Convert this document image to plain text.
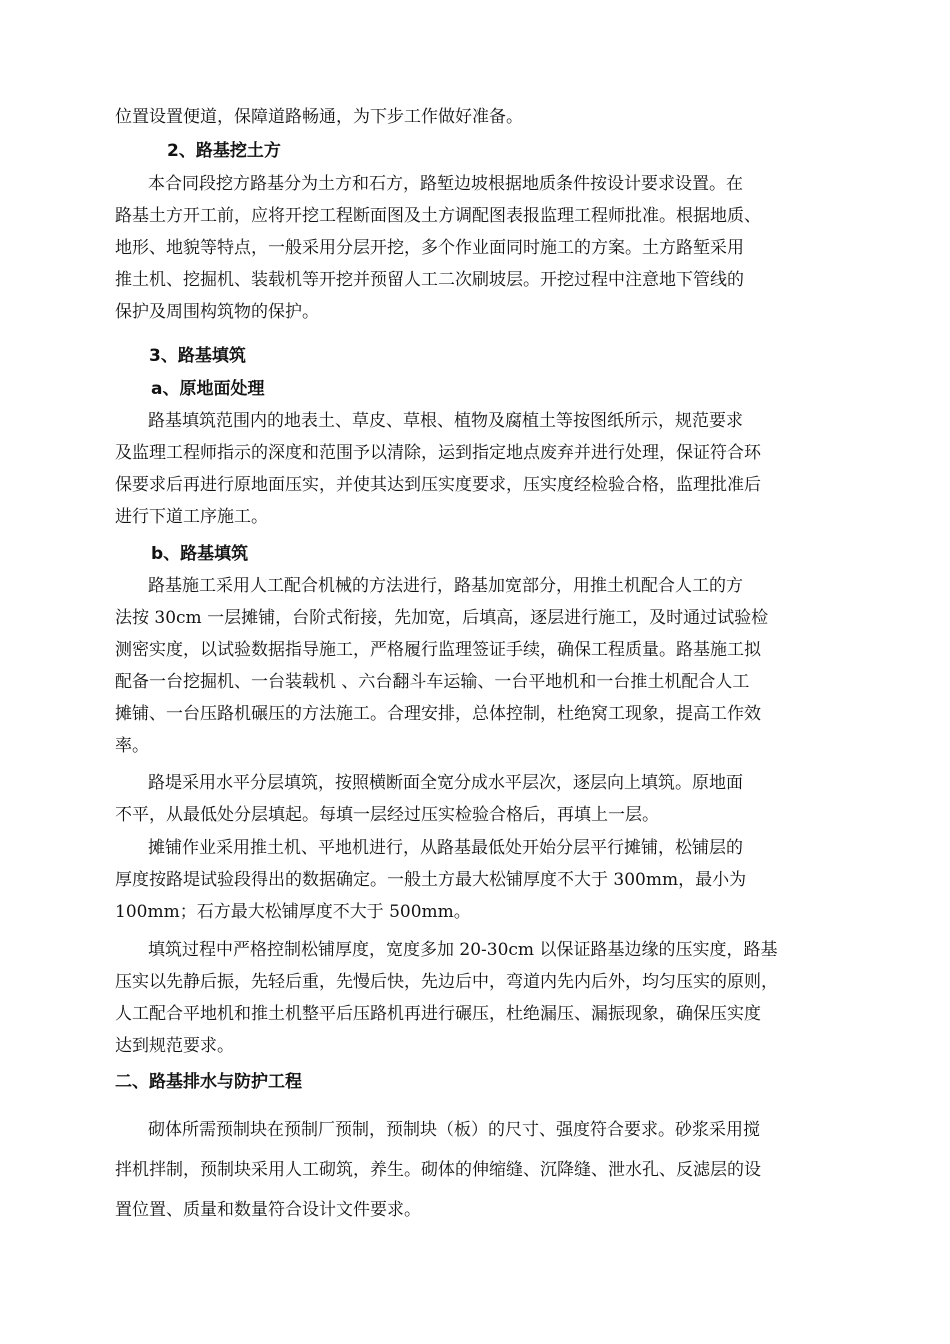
位置设置便道，保障道路畅通，为下步工作做好准备。

2、路基挖土方

本合同段挖方路基分为土方和石方，路堑边坡根据地质条件按设计要求设置。在

路基土方开工前，应将开挖工程断面图及土方调配图表报监理工程师批准。根据地质、

地形、地貌等特点，一般采用分层开挖，多个作业面同时施工的方案。土方路堑采用

推土机、挖掘机、装载机等开挖并预留人工二次刷坡层。开挖过程中注意地下管线的

保护及周围构筑物的保护。

3、路基填筑

a、原地面处理

路基填筑范围内的地表土、草皮、草根、植物及腐植土等按图纸所示，规范要求

及监理工程师指示的深度和范围予以清除，运到指定地点废弃并进行处理，保证符合环

保要求后再进行原地面压实，并使其达到压实度要求，压实度经检验合格，监理批准后

进行下道工序施工。

b、路基填筑

路基施工采用人工配合机械的方法进行，路基加宽部分，用推土机配合人工的方

法按 30cm 一层摊铺，台阶式衔接，先加宽，后填高，逐层进行施工，及时通过试验检

测密实度，以试验数据指导施工，严格履行监理签证手续，确保工程质量。路基施工拟

配备一台挖掘机、一台装载机 、六台翻斗车运输、一台平地机和一台推土机配合人工

摊铺、一台压路机碾压的方法施工。合理安排，总体控制，杜绝窝工现象，提高工作效

率。

路堤采用水平分层填筑，按照横断面全宽分成水平层次，逐层向上填筑。原地面

不平，从最低处分层填起。每填一层经过压实检验合格后，再填上一层。

摊铺作业采用推土机、平地机进行，从路基最低处开始分层平行摊铺，松铺层的

厚度按路堤试验段得出的数据确定。一般土方最大松铺厚度不大于 300mm，最小为

100mm；石方最大松铺厚度不大于 500mm。

填筑过程中严格控制松铺厚度，宽度多加 20-30cm 以保证路基边缘的压实度，路基

压实以先静后振，先轻后重，先慢后快，先边后中，弯道内先内后外，均匀压实的原则，

人工配合平地机和推土机整平后压路机再进行碾压，杜绝漏压、漏振现象，确保压实度

达到规范要求。

二、路基排水与防护工程

砌体所需预制块在预制厂预制，预制块（板）的尺寸、强度符合要求。砂浆采用搅

拌机拌制，预制块采用人工砌筑，养生。砌体的伸缩缝、沉降缝、泄水孔、反滤层的设

置位置、质量和数量符合设计文件要求。
